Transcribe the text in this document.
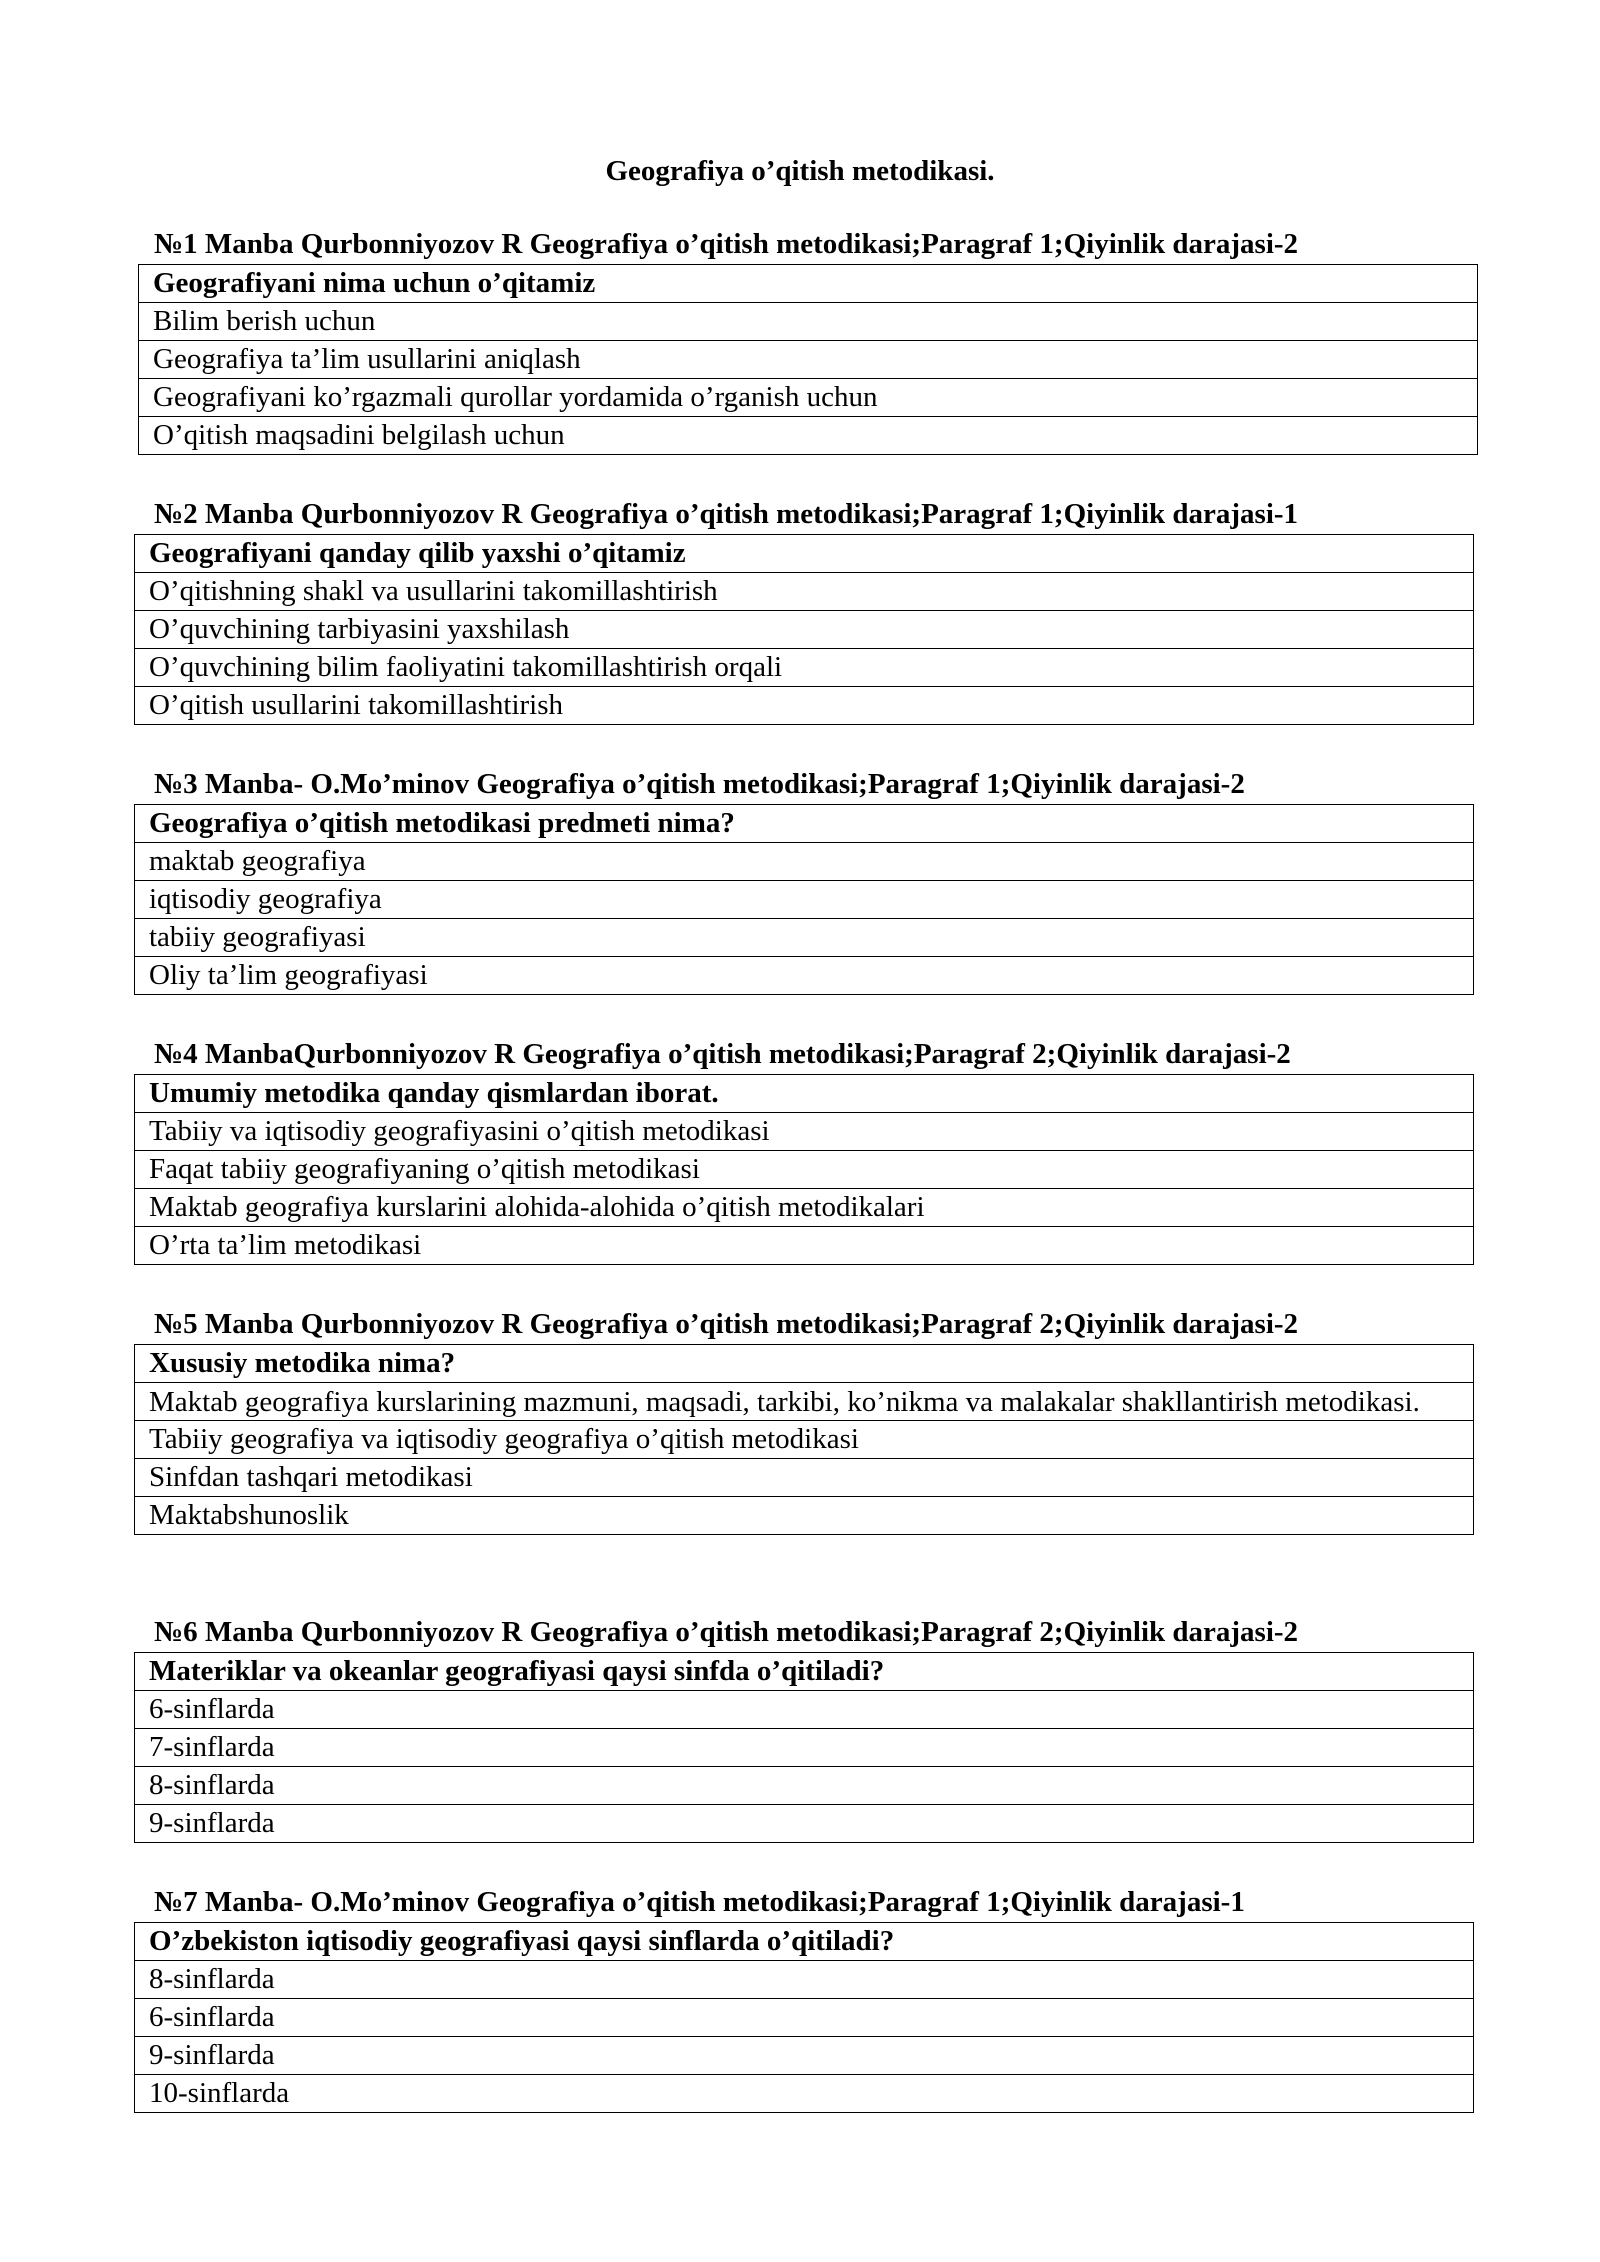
Geografiya o’qitish metodikasi.
№1 Manba Qurbonniyozov R Geografiya o’qitish metodikasi;Paragraf 1;Qiyinlik darajasi-2
Geografiyani nima uchun o’qitamiz
Bilim berish uchun
Geografiya ta’lim usullarini aniqlash
Geografiyani ko’rgazmali qurollar yordamida o’rganish uchun
O’qitish maqsadini belgilash uchun
№2 Manba Qurbonniyozov R Geografiya o’qitish metodikasi;Paragraf 1;Qiyinlik darajasi-1
Geografiyani qanday qilib yaxshi o’qitamiz
O’qitishning shakl va usullarini takomillashtirish
O’quvchining tarbiyasini yaxshilash
O’quvchining bilim faoliyatini takomillashtirish orqali
O’qitish usullarini takomillashtirish
№3 Manba- O.Mo’minov Geografiya o’qitish metodikasi;Paragraf 1;Qiyinlik darajasi-2
Geografiya o’qitish metodikasi predmeti nima?
maktab geografiya
iqtisodiy geografiya
tabiiy geografiyasi
Oliy ta’lim geografiyasi
№4 ManbaQurbonniyozov R Geografiya o’qitish metodikasi;Paragraf 2;Qiyinlik darajasi-2
Umumiy metodika qanday qismlardan iborat.
Tabiiy va iqtisodiy geografiyasini o’qitish metodikasi
Faqat tabiiy geografiyaning o’qitish metodikasi
Maktab geografiya kurslarini alohida-alohida o’qitish metodikalari
O’rta ta’lim metodikasi
№5 Manba Qurbonniyozov R Geografiya o’qitish metodikasi;Paragraf 2;Qiyinlik darajasi-2
Xususiy metodika nima?
Maktab geografiya kurslarining mazmuni, maqsadi, tarkibi, ko’nikma va malakalar shakllantirish metodikasi.
Tabiiy geografiya va iqtisodiy geografiya o’qitish metodikasi
Sinfdan tashqari metodikasi
Maktabshunoslik
№6 Manba Qurbonniyozov R Geografiya o’qitish metodikasi;Paragraf 2;Qiyinlik darajasi-2
Materiklar va okeanlar geografiyasi qaysi sinfda o’qitiladi?
6-sinflarda
7-sinflarda
8-sinflarda
9-sinflarda
№7 Manba- O.Mo’minov Geografiya o’qitish metodikasi;Paragraf 1;Qiyinlik darajasi-1
O’zbekiston iqtisodiy geografiyasi qaysi sinflarda o’qitiladi?
8-sinflarda
6-sinflarda
9-sinflarda
10-sinflarda
